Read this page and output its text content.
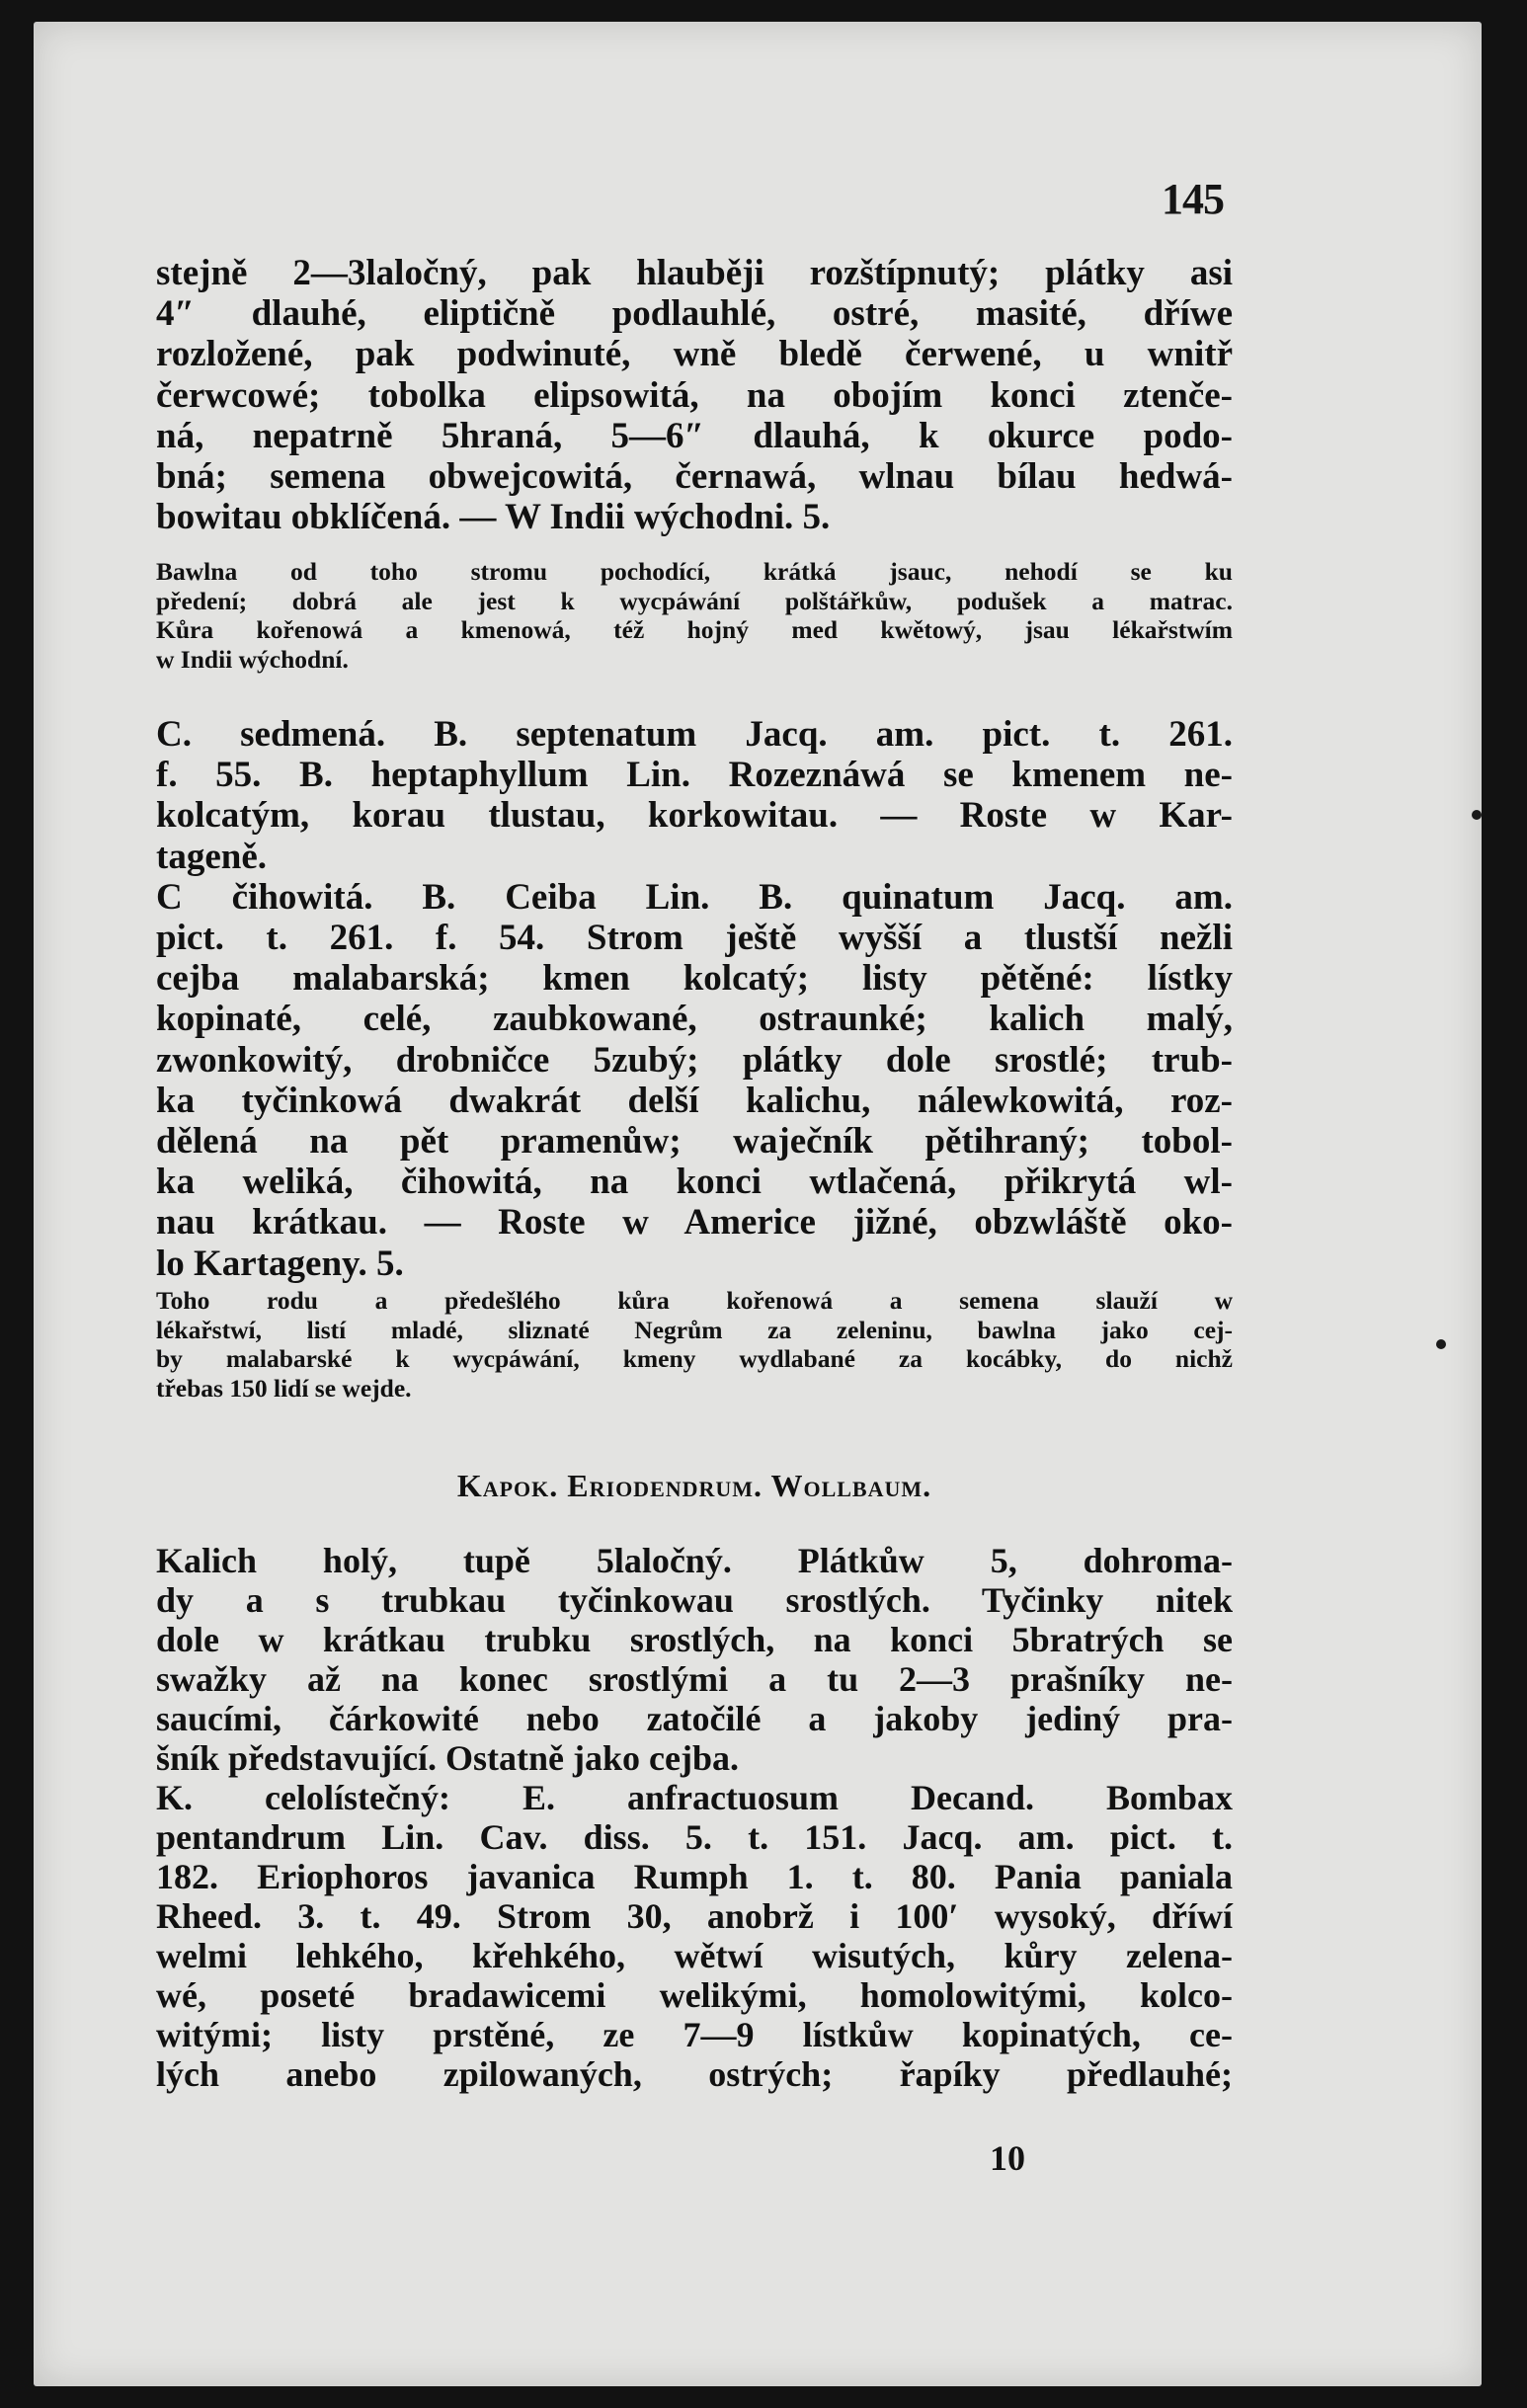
145

stejně 2—3laločný, pak hlauběji rozštípnutý; plátky asi

4″ dlauhé, eliptičně podlauhlé, ostré, masité, dříwe

rozložené, pak podwinuté, wně bledě čerwené, u wnitř

čerwcowé; tobolka elipsowitá, na obojím konci ztenče-

ná, nepatrně 5hraná, 5—6″ dlauhá, k okurce podo-

bná; semena obwejcowitá, černawá, wlnau bílau hedwá-

bowitau obklíčená. — W Indii wýchodni. 5.

Bawlna od toho stromu pochodící, krátká jsauc, nehodí se ku

předení; dobrá ale jest k wycpáwání polštářkůw, podušek a matrac.

Kůra kořenowá a kmenowá, též hojný med kwětowý, jsau lékařstwím

w Indii wýchodní.

C. sedmená. B. septenatum Jacq. am. pict. t. 261.

f. 55. B. heptaphyllum Lin. Rozeznáwá se kmenem ne-

kolcatým, korau tlustau, korkowitau. — Roste w Kar-

tageně.

C čihowitá. B. Ceiba Lin. B. quinatum Jacq. am.

pict. t. 261. f. 54. Strom ještě wyšší a tlustší nežli

cejba malabarská; kmen kolcatý; listy pětěné: lístky

kopinaté, celé, zaubkowané, ostraunké; kalich malý,

zwonkowitý, drobničce 5zubý; plátky dole srostlé; trub-

ka tyčinkowá dwakrát delší kalichu, nálewkowitá, roz-

dělená na pět pramenůw; waječník pětihraný; tobol-

ka weliká, čihowitá, na konci wtlačená, přikrytá wl-

nau krátkau. — Roste w Americe jižné, obzwláště oko-

lo Kartageny. 5.

Toho rodu a předešlého kůra kořenowá a semena slauží w

lékařstwí, listí mladé, sliznaté Negrům za zeleninu, bawlna jako cej-

by malabarské k wycpáwání, kmeny wydlabané za kocábky, do nichž

třebas 150 lidí se wejde.

Kapok. Eriodendrum. Wollbaum.

Kalich holý, tupě 5laločný. Plátkůw 5, dohroma-

dy a s trubkau tyčinkowau srostlých. Tyčinky nitek

dole w krátkau trubku srostlých, na konci 5bratrých se

swažky až na konec srostlými a tu 2—3 prašníky ne-

saucími, čárkowité nebo zatočilé a jakoby jediný pra-

šník představující. Ostatně jako cejba.

K. celolístečný: E. anfractuosum Decand. Bombax

pentandrum Lin. Cav. diss. 5. t. 151. Jacq. am. pict. t.

182. Eriophoros javanica Rumph 1. t. 80. Pania paniala

Rheed. 3. t. 49. Strom 30, anobrž i 100′ wysoký, dříwí

welmi lehkého, křehkého, wětwí wisutých, kůry zelena-

wé, poseté bradawicemi welikými, homolowitými, kolco-

witými; listy prstěné, ze 7—9 lístkůw kopinatých, ce-

lých anebo zpilowaných, ostrých; řapíky předlauhé;

10
